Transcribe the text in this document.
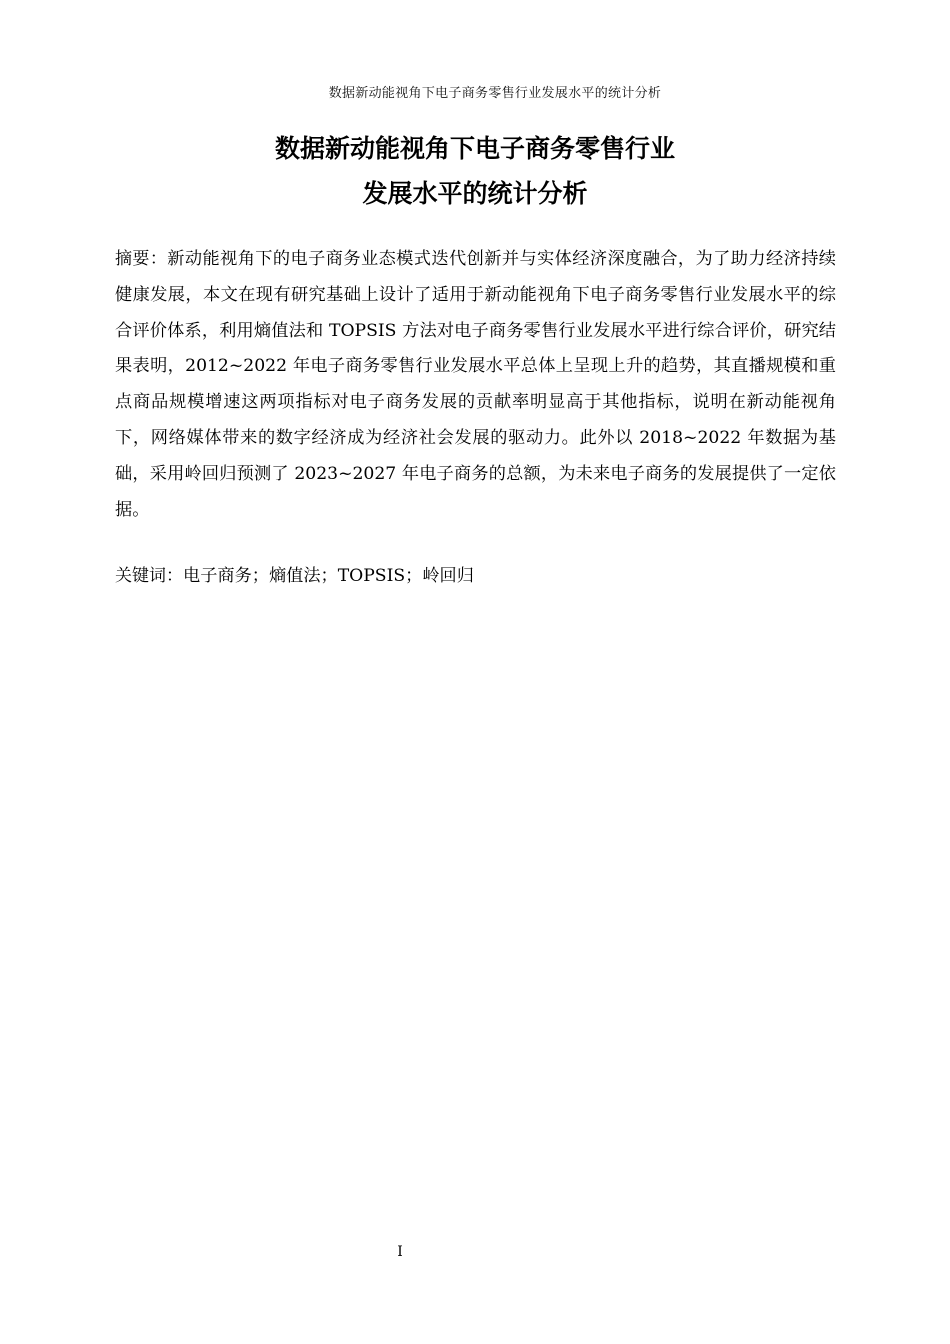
数据新动能视角下电子商务零售行业发展水平的统计分析
数据新动能视角下电子商务零售行业
发展水平的统计分析

摘要：新动能视角下的电子商务业态模式迭代创新并与实体经济深度融合，为了助力经济持续健康发展，本文在现有研究基础上设计了适用于新动能视角下电子商务零售行业发展水平的综合评价体系，利用熵值法和 TOPSIS 方法对电子商务零售行业发展水平进行综合评价，研究结果表明，2012~2022 年电子商务零售行业发展水平总体上呈现上升的趋势，其直播规模和重点商品规模增速这两项指标对电子商务发展的贡献率明显高于其他指标，说明在新动能视角下，网络媒体带来的数字经济成为经济社会发展的驱动力。此外以 2018~2022 年数据为基础，采用岭回归预测了 2023~2027 年电子商务的总额，为未来电子商务的发展提供了一定依据。

关键词：电子商务；熵值法；TOPSIS；岭回归

I
